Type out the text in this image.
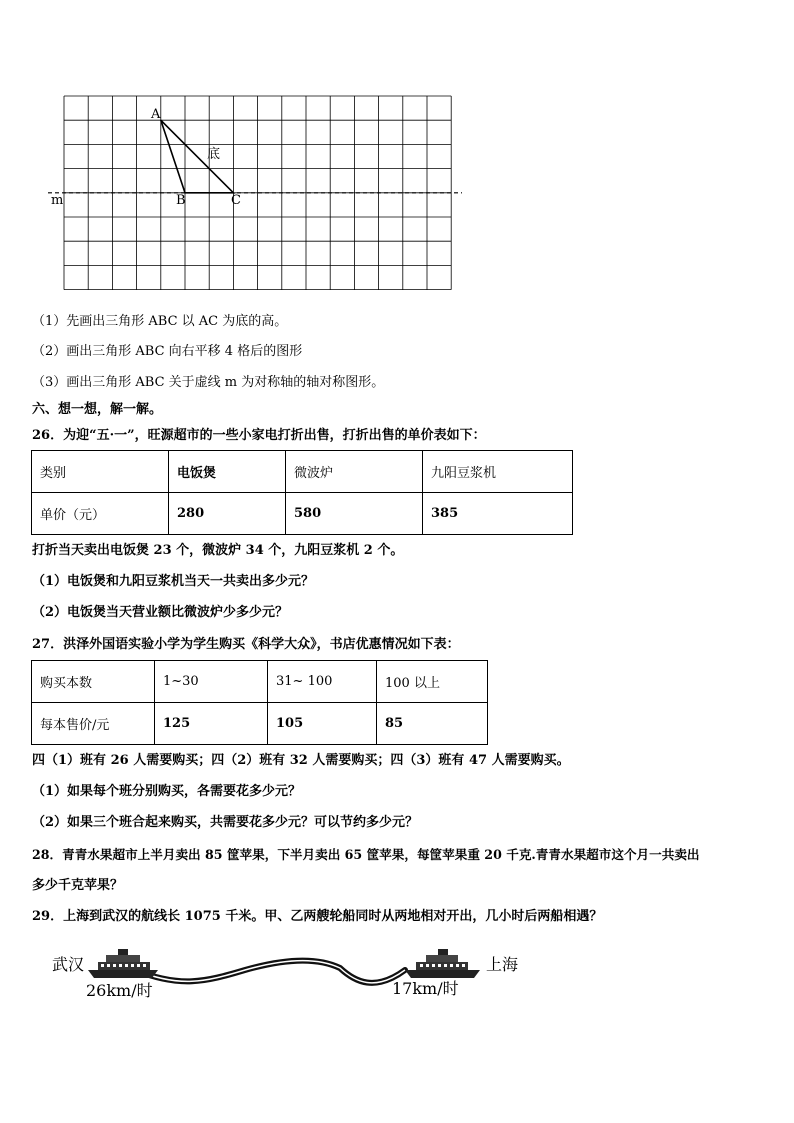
A
底
B	C
m
（1）先画出三角形 ABC 以 AC 为底的高。
（2）画出三角形 ABC 向右平移 4 格后的图形
（3）画出三角形 ABC 关于虚线 m 为对称轴的轴对称图形。
六、想一想，解一解。
26．为迎“五·一”，旺源超市的一些小家电打折出售，打折出售的单价表如下：
类别	电饭煲	微波炉	九阳豆浆机
单价（元）	280	580	385
打折当天卖出电饭煲 23 个，微波炉 34 个，九阳豆浆机 2 个。
（1）电饭煲和九阳豆浆机当天一共卖出多少元？
（2）电饭煲当天营业额比微波炉少多少元？
27．洪泽外国语实验小学为学生购买《科学大众》，书店优惠情况如下表：
购买本数	1~30	31~ 100	100 以上
每本售价/元	125	105	85
四（1）班有 26 人需要购买；四（2）班有 32 人需要购买；四（3）班有 47 人需要购买。
（1）如果每个班分别购买，各需要花多少元？
（2）如果三个班合起来购买，共需要花多少元？可以节约多少元？
28．青青水果超市上半月卖出 85 筐苹果，下半月卖出 65 筐苹果，每筐苹果重 20 千克.青青水果超市这个月一共卖出
多少千克苹果？
29．上海到武汉的航线长 1075 千米。甲、乙两艘轮船同时从两地相对开出，几小时后两船相遇？
武汉	上海
26km/时	17km/时
